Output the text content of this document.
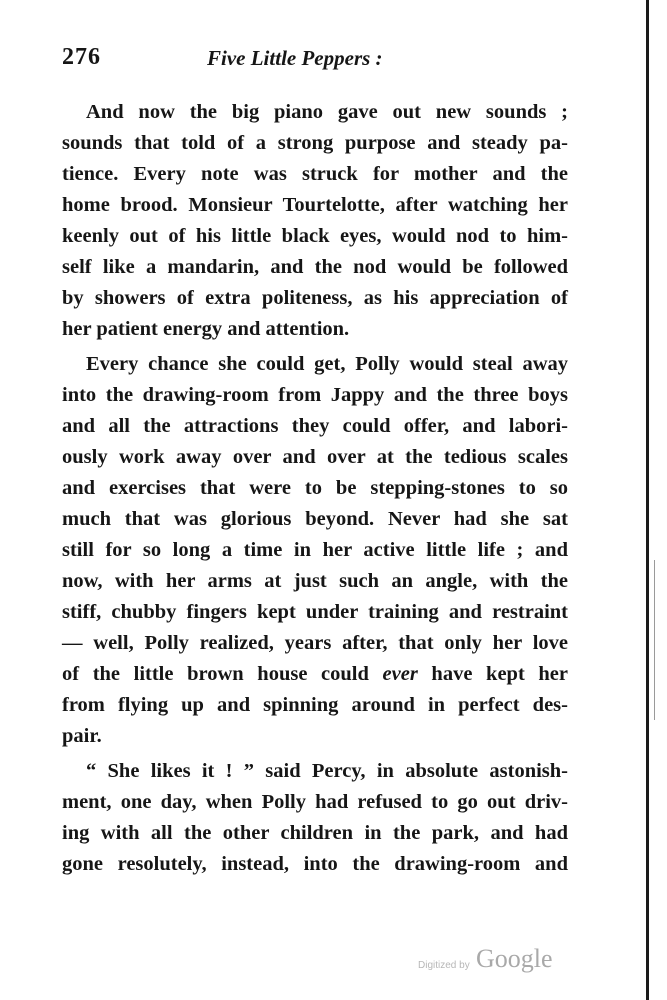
276	Five Little Peppers :
And now the big piano gave out new sounds ;
sounds that told of a strong purpose and steady pa-
tience. Every note was struck for mother and the
home brood. Monsieur Tourtelotte, after watching her
keenly out of his little black eyes, would nod to him-
self like a mandarin, and the nod would be followed
by showers of extra politeness, as his appreciation of
her patient energy and attention.
Every chance she could get, Polly would steal away
into the drawing-room from Jappy and the three boys
and all the attractions they could offer, and labori-
ously work away over and over at the tedious scales
and exercises that were to be stepping-stones to so
much that was glorious beyond. Never had she sat
still for so long a time in her active little life ; and
now, with her arms at just such an angle, with the
stiff, chubby fingers kept under training and restraint
— well, Polly realized, years after, that only her love
of the little brown house could ever have kept her
from flying up and spinning around in perfect des-
pair.
“ She likes it ! ” said Percy, in absolute astonish-
ment, one day, when Polly had refused to go out driv-
ing with all the other children in the park, and had
gone resolutely, instead, into the drawing-room and
Digitized by Google
